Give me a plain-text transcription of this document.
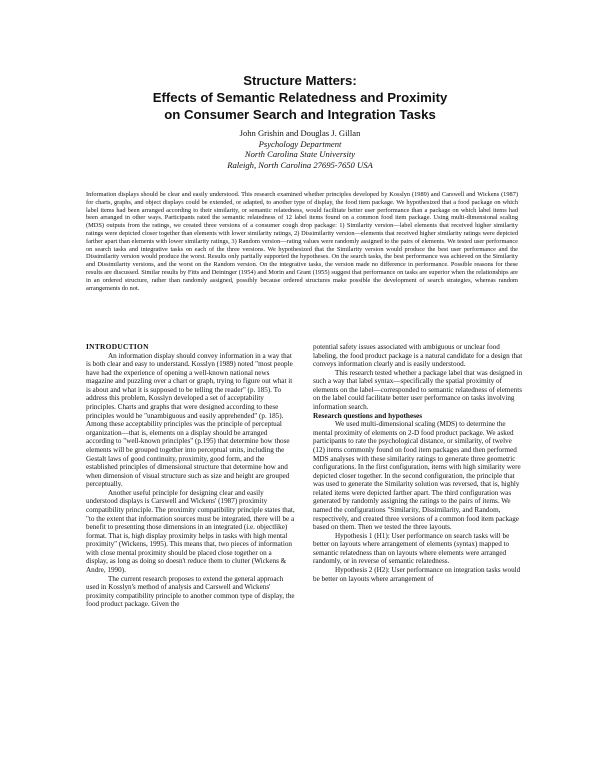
Structure Matters:
Effects of Semantic Relatedness and Proximity
on Consumer Search and Integration Tasks
John Grishin and Douglas J. Gillan
Psychology Department
North Carolina State University
Raleigh, North Carolina 27695-7650 USA

Information displays should be clear and easily understood. This research examined whether principles developed by Kosslyn (1989) and Carswell and Wickens (1987) for charts, graphs, and object displays could be extended, or adapted, to another type of display, the food item package. We hypothesized that a food package on which label items had been arranged according to their similarity, or semantic relatedness, would facilitate better user performance than a package on which label items had been arranged in other ways. Participants rated the semantic relatedness of 12 label items found on a common food item package. Using multi-dimensional scaling (MDS) outputs from the ratings, we created three versions of a consumer cough drop package: 1) Similarity version—label elements that received higher similarity ratings were depicted closer together than elements with lower similarity ratings, 2) Dissimilarity version—elements that received higher similarity ratings were depicted farther apart than elements with lower similarity ratings, 3) Random version—rating values were randomly assigned to the pairs of elements. We tested user performance on search tasks and integrative tasks on each of the three versions. We hypothesized that the Similarity version would produce the best user performance and the Dissimilarity version would produce the worst. Results only partially supported the hypotheses. On the search tasks, the best performance was achieved on the Similarity and Dissimilarity versions, and the worst on the Random version. On the integrative tasks, the version made no difference in performance. Possible reasons for these results are discussed. Similar results by Fitts and Deininger (1954) and Morin and Grant (1955) suggest that performance on tasks are superior when the relationships are in an ordered structure, rather than randomly assigned, possibly because ordered structures make possible the development of search strategies, whereas random arrangements do not.

INTRODUCTION

An information display should convey information in a way that is both clear and easy to understand. Kosslyn (1989) noted "most people have had the experience of opening a well-known national news magazine and puzzling over a chart or graph, trying to figure out what it is about and what it is supposed to be telling the reader" (p. 185). To address this problem, Kosslyn developed a set of acceptability principles. Charts and graphs that were designed according to these principles would be "unambiguous and easily apprehended" (p. 185). Among these acceptability principles was the principle of perceptual organization—that is, elements on a display should be arranged according to "well-known principles" (p.195) that determine how those elements will be grouped together into perceptual units, including the Gestalt laws of good continuity, proximity, good form, and the established principles of dimensional structure that determine how and when dimension of visual structure such as size and height are grouped perceptually.

Another useful principle for designing clear and easily understood displays is Carswell and Wickens' (1987) proximity compatibility principle. The proximity compatibility principle states that, "to the extent that information sources must be integrated, there will be a benefit to presenting those dimensions in an integrated (i.e. objectlike) format. That is, high display proximity helps in tasks with high mental proximity" (Wickens, 1995). This means that, two pieces of information with close mental proximity should be placed close together on a display, as long as doing so doesn't reduce them to clutter (Wickens & Andre, 1990).

The current research proposes to extend the general approach used in Kosslyn's method of analysis and Carswell and Wickens' proximity compatibility principle to another common type of display, the food product package. Given the

potential safety issues associated with ambiguous or unclear food labeling, the food product package is a natural candidate for a design that conveys information clearly and is easily understood.

This research tested whether a package label that was designed in such a way that label syntax—specifically the spatial proximity of elements on the label—corresponded to semantic relatedness of elements on the label could facilitate better user performance on tasks involving information search.

Research questions and hypotheses

We used multi-dimensional scaling (MDS) to determine the mental proximity of elements on 2-D food product package. We asked participants to rate the psychological distance, or similarity, of twelve (12) items commonly found on food item packages and then performed MDS analyses with these similarity ratings to generate three geometric configurations. In the first configuration, items with high similarity were depicted closer together. In the second configuration, the principle that was used to generate the Similarity solution was reversed, that is, highly related items were depicted farther apart. The third configuration was generated by randomly assigning the ratings to the pairs of items. We named the configurations "Similarity, Dissimilarity, and Random, respectively, and created three versions of a common food item package based on them. Then we tested the three layouts.

Hypothesis 1 (H1): User performance on search tasks will be better on layouts where arrangement of elements (syntax) mapped to semantic relatedness than on layouts where elements were arranged randomly, or in reverse of semantic relatedness.

Hypothesis 2 (H2): User performance on integration tasks would be better on layouts where arrangement of
